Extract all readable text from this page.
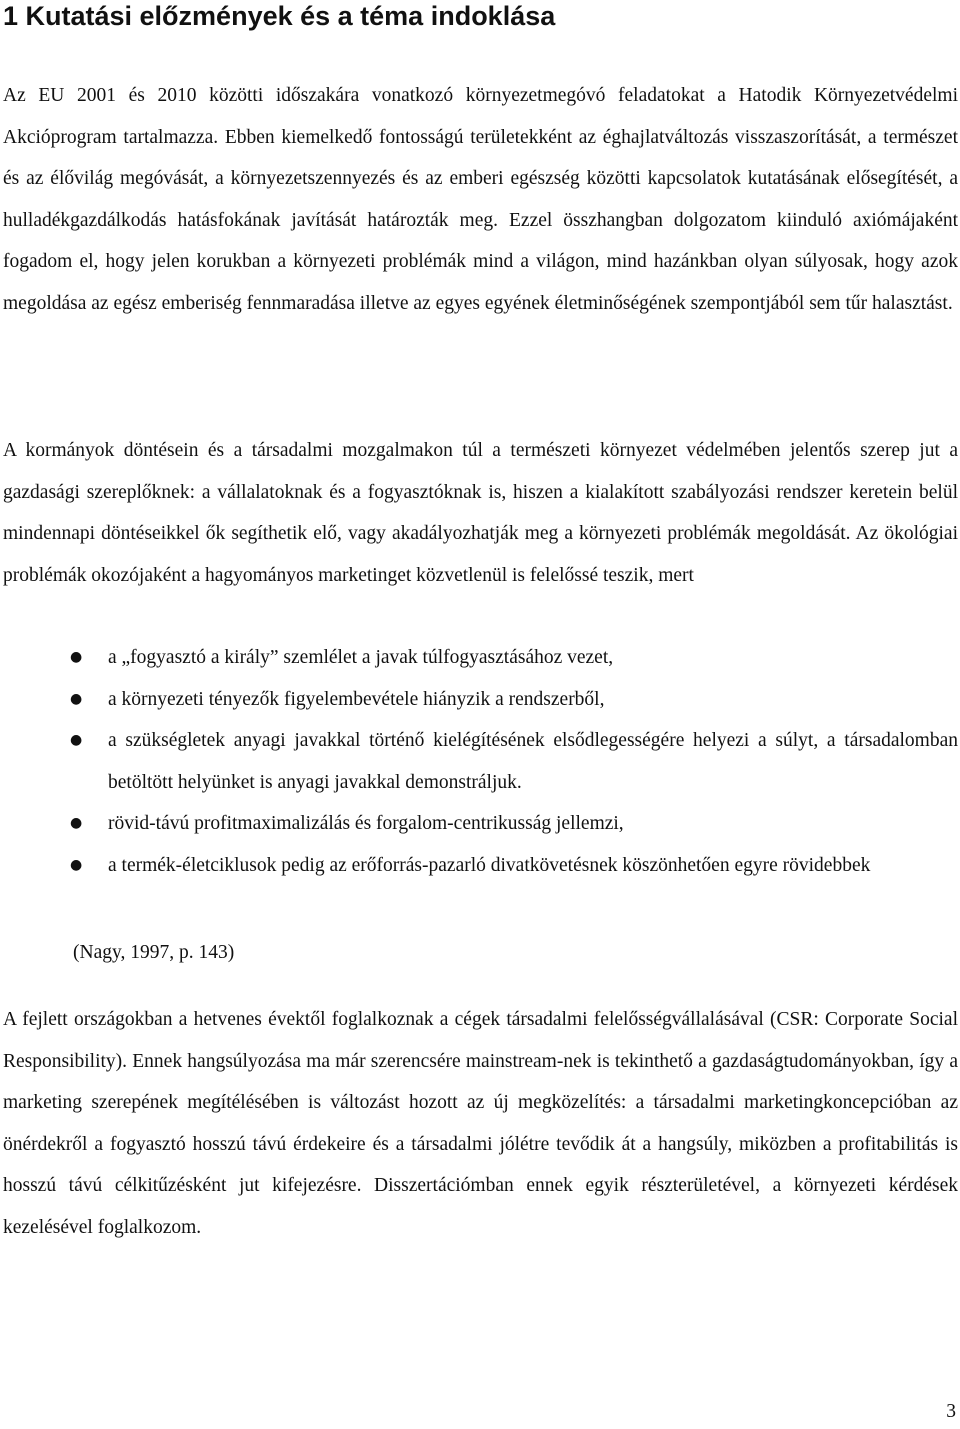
1 Kutatási előzmények és a téma indoklása

Az EU 2001 és 2010 közötti időszakára vonatkozó környezetmegóvó feladatokat a Hatodik Környezetvédelmi Akcióprogram tartalmazza. Ebben kiemelkedő fontosságú területekként az éghajlatváltozás visszaszorítását, a természet és az élővilág megóvását, a környezetszennyezés és az emberi egészség közötti kapcsolatok kutatásának elősegítését, a hulladékgazdálkodás hatásfokának javítását határozták meg. Ezzel összhangban dolgozatom kiinduló axiómájaként fogadom el, hogy jelen korukban a környezeti problémák mind a világon, mind hazánkban olyan súlyosak, hogy azok megoldása az egész emberiség fennmaradása illetve az egyes egyének életminőségének szempontjából sem tűr halasztást.

A kormányok döntésein és a társadalmi mozgalmakon túl a természeti környezet védelmében jelentős szerep jut a gazdasági szereplőknek: a vállalatoknak és a fogyasztóknak is, hiszen a kialakított szabályozási rendszer keretein belül mindennapi döntéseikkel ők segíthetik elő, vagy akadályozhatják meg a környezeti problémák megoldását. Az ökológiai problémák okozójaként a hagyományos marketinget közvetlenül is felelőssé teszik, mert

●	a „fogyasztó a király” szemlélet a javak túlfogyasztásához vezet,
●	a környezeti tényezők figyelembevétele hiányzik a rendszerből,
●	a szükségletek anyagi javakkal történő kielégítésének elsődlegességére helyezi a súlyt, a társadalomban betöltött helyünket is anyagi javakkal demonstráljuk.
●	rövid-távú profitmaximalizálás és forgalom-centrikusság jellemzi,
●	a termék-életciklusok pedig az erőforrás-pazarló divatkövetésnek köszönhetően egyre rövidebbek

(Nagy, 1997, p. 143)

A fejlett országokban a hetvenes évektől foglalkoznak a cégek társadalmi felelősségvállalásával (CSR: Corporate Social Responsibility). Ennek hangsúlyozása ma már szerencsére mainstream-nek is tekinthető a gazdaságtudományokban, így a marketing szerepének megítélésében is változást hozott az új megközelítés: a társadalmi marketingkoncepcióban az önérdekről a fogyasztó hosszú távú érdekeire és a társadalmi jólétre tevődik át a hangsúly, miközben a profitabilitás is hosszú távú célkitűzésként jut kifejezésre. Disszertációmban ennek egyik részterületével, a környezeti kérdések kezelésével foglalkozom.

3
